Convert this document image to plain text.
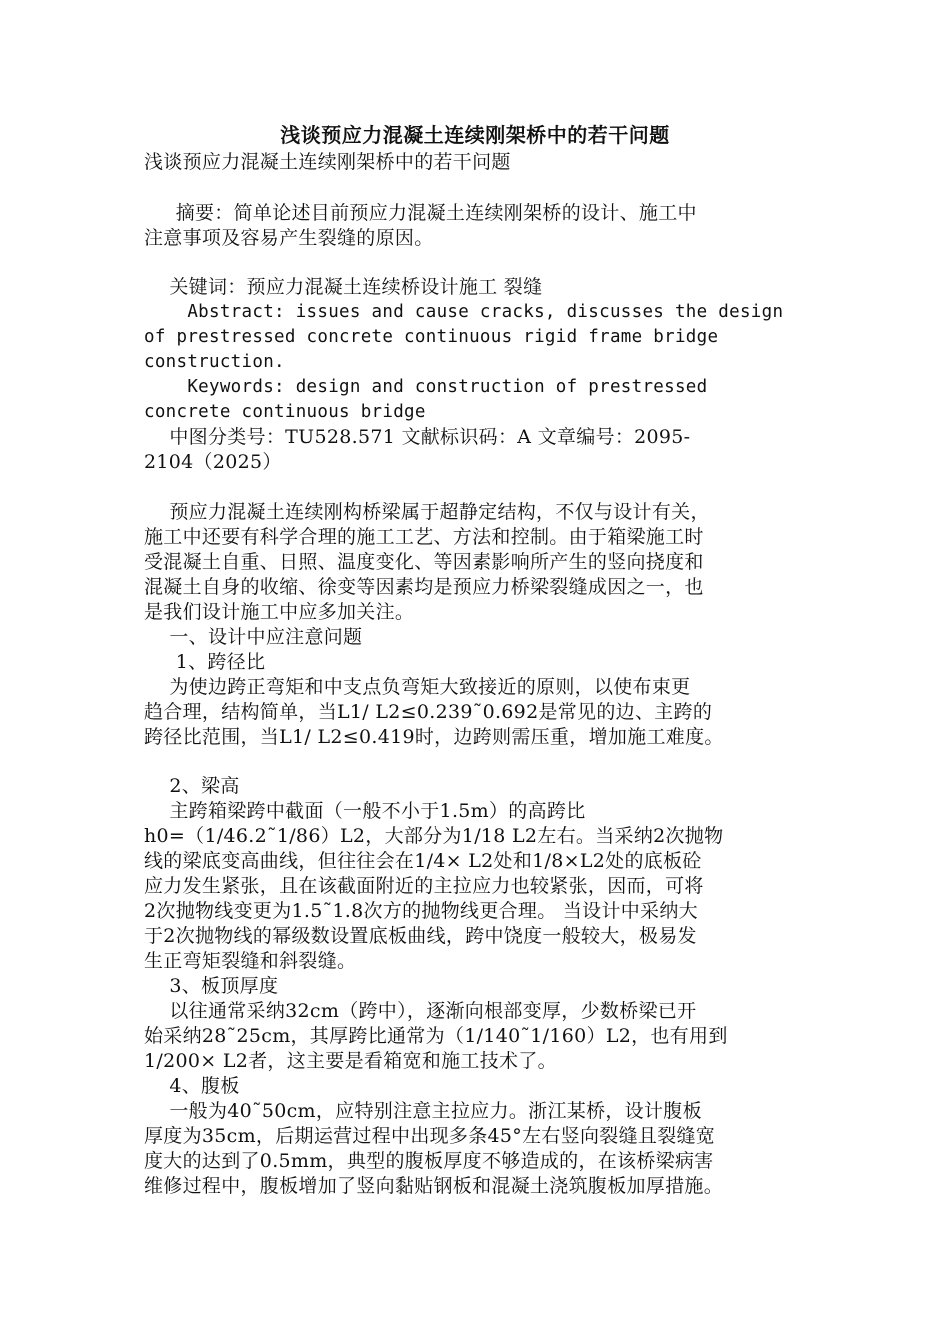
浅谈预应力混凝土连续刚架桥中的若干问题
浅谈预应力混凝土连续刚架桥中的若干问题
摘要：简单论述目前预应力混凝土连续刚架桥的设计、施工中
注意事项及容易产生裂缝的原因。
关键词：预应力混凝土连续桥设计施工 裂缝
Abstract: issues and cause cracks, discusses the design
of prestressed concrete continuous rigid frame bridge
construction.
Keywords: design and construction of prestressed
concrete continuous bridge
中图分类号：TU528.571 文献标识码：A 文章编号：2095-
2104（2025）
预应力混凝土连续刚构桥梁属于超静定结构，不仅与设计有关，
施工中还要有科学合理的施工工艺、方法和控制。由于箱梁施工时
受混凝土自重、日照、温度变化、等因素影响所产生的竖向挠度和
混凝土自身的收缩、徐变等因素均是预应力桥梁裂缝成因之一，也
是我们设计施工中应多加关注。
一、设计中应注意问题
1、跨径比
为使边跨正弯矩和中支点负弯矩大致接近的原则，以使布束更
趋合理，结构简单，当L1/ L2≤0.239˜0.692是常见的边、主跨的
跨径比范围，当L1/ L2≤0.419时，边跨则需压重，增加施工难度。
2、梁高
主跨箱梁跨中截面（一般不小于1.5m）的高跨比
h0=（1/46.2˜1/86）L2，大部分为1/18 L2左右。当采纳2次抛物
线的梁底变高曲线，但往往会在1/4× L2处和1/8×L2处的底板砼
应力发生紧张，且在该截面附近的主拉应力也较紧张，因而，可将
2次抛物线变更为1.5˜1.8次方的抛物线更合理。 当设计中采纳大
于2次抛物线的幂级数设置底板曲线，跨中饶度一般较大，极易发
生正弯矩裂缝和斜裂缝。
3、板顶厚度
以往通常采纳32cm（跨中），逐渐向根部变厚，少数桥梁已开
始采纳28˜25cm，其厚跨比通常为（1/140˜1/160）L2，也有用到
1/200× L2者，这主要是看箱宽和施工技术了。
4、腹板
一般为40˜50cm，应特别注意主拉应力。浙江某桥，设计腹板
厚度为35cm，后期运营过程中出现多条45°左右竖向裂缝且裂缝宽
度大的达到了0.5mm，典型的腹板厚度不够造成的，在该桥梁病害
维修过程中，腹板增加了竖向黏贴钢板和混凝土浇筑腹板加厚措施。
